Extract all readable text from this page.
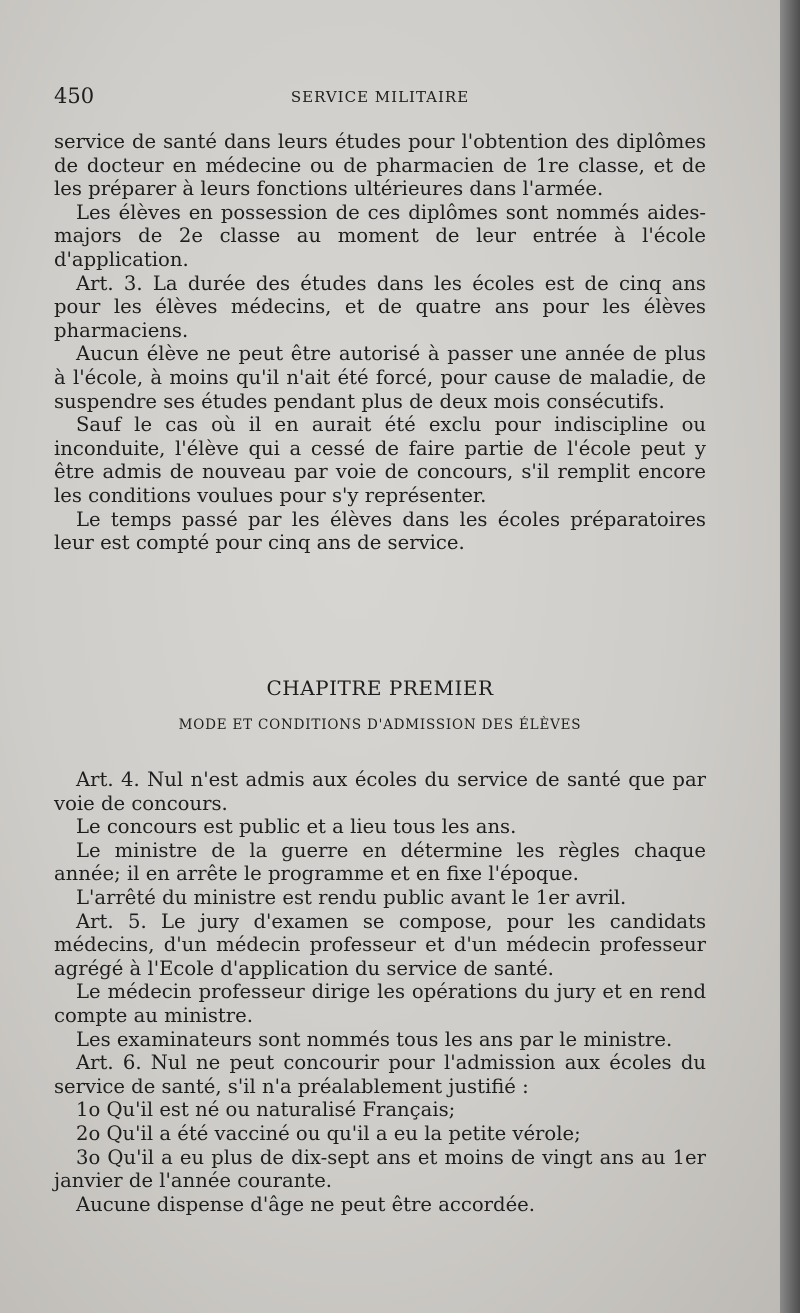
450	SERVICE MILITAIRE

service de santé dans leurs études pour l'obtention des diplômes de docteur en médecine ou de pharmacien de 1re classe, et de les préparer à leurs fonctions ultérieures dans l'armée.

Les élèves en possession de ces diplômes sont nommés aides-majors de 2e classe au moment de leur entrée à l'école d'application.

Art. 3. La durée des études dans les écoles est de cinq ans pour les élèves médecins, et de quatre ans pour les élèves pharmaciens.

Aucun élève ne peut être autorisé à passer une année de plus à l'école, à moins qu'il n'ait été forcé, pour cause de maladie, de suspendre ses études pendant plus de deux mois consécutifs.

Sauf le cas où il en aurait été exclu pour indiscipline ou inconduite, l'élève qui a cessé de faire partie de l'école peut y être admis de nouveau par voie de concours, s'il remplit encore les conditions voulues pour s'y représenter.

Le temps passé par les élèves dans les écoles préparatoires leur est compté pour cinq ans de service.

CHAPITRE PREMIER
MODE ET CONDITIONS D'ADMISSION DES ÉLÈVES

Art. 4. Nul n'est admis aux écoles du service de santé que par voie de concours.

Le concours est public et a lieu tous les ans.

Le ministre de la guerre en détermine les règles chaque année; il en arrête le programme et en fixe l'époque.

L'arrêté du ministre est rendu public avant le 1er avril.

Art. 5. Le jury d'examen se compose, pour les candidats médecins, d'un médecin professeur et d'un médecin professeur agrégé à l'Ecole d'application du service de santé.

Le médecin professeur dirige les opérations du jury et en rend compte au ministre.

Les examinateurs sont nommés tous les ans par le ministre.

Art. 6. Nul ne peut concourir pour l'admission aux écoles du service de santé, s'il n'a préalablement justifié :

1o Qu'il est né ou naturalisé Français;

2o Qu'il a été vacciné ou qu'il a eu la petite vérole;

3o Qu'il a eu plus de dix-sept ans et moins de vingt ans au 1er janvier de l'année courante.

Aucune dispense d'âge ne peut être accordée.
